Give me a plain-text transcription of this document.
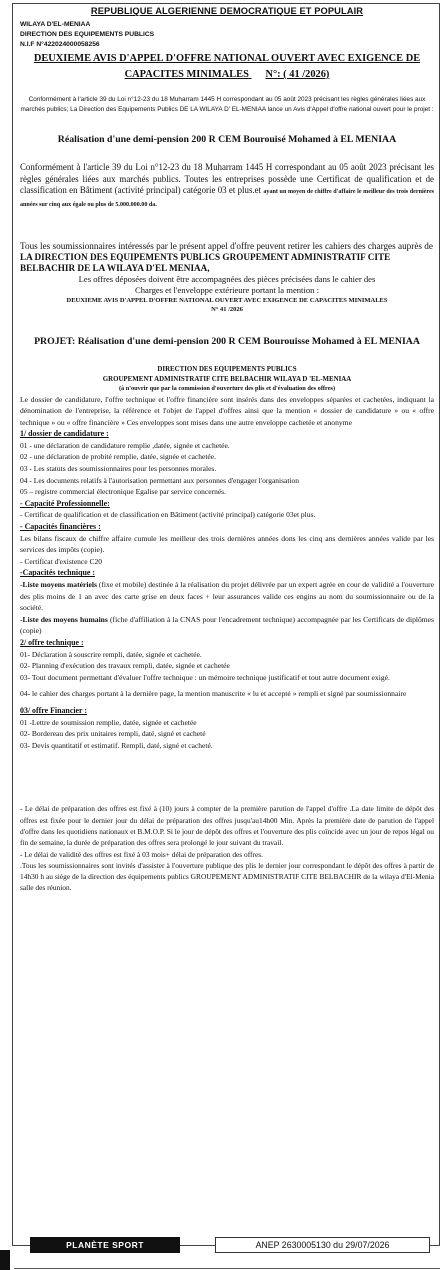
REPUBLIQUE ALGERIENNE DEMOCRATIQUE ET POPULAIR
WILAYA D'EL-MENIAA
DIRECTION DES EQUIPEMENTS PUBLICS
N.I.F N°422024000058256
DEUXIEME AVIS D'APPEL D'OFFRE NATIONAL OUVERT AVEC EXIGENCE DE
CAPACITES MINIMALES N°: ( 41 /2026)
Conformément à l'article 39 du Loi n°12-23 du 18 Muharram 1445 H correspondant au 05 août 2023 précisant les règles générales liées aux marchés publics; La Direction des Equipements Publics DE LA WILAYA D' EL-MENIAA lance un Avis d'Appel d'offre national ouvert pour le projet :
Réalisation d'une demi-pension 200 R CEM Bourouisé Mohamed à EL MENIAA
Conformément à l'article 39 du Loi n°12-23 du 18 Muharram 1445 H correspondant au 05 août 2023 précisant les règles générales liées aux marchés publics. Toutes les entreprises possède une Certificat de qualification et de classification en Bâtiment (activité principal) catégorie 03 et plus.et ayant un moyen de chiffre d'affaire le meilleur des trois dernières années sur cinq aux égale ou plus de 5.000.000.00 da.
Tous les soumissionnaires intéressés par le présent appel d'offre peuvent retirer les cahiers des charges auprès de LA DIRECTION DES EQUIPEMENTS PUBLICS GROUPEMENT ADMINISTRATIF CITE BELBACHIR DE LA WILAYA D'EL MENIAA,
Les offres déposées doivent être accompagnées des pièces précisées dans le cahier des
Charges et l'enveloppe extérieure portant la mention :
DEUXIEME AVIS D'APPEL D'OFFRE NATIONAL OUVERT AVEC EXIGENCE DE CAPACITES MINIMALES
N° 41 /2026
PROJET: Réalisation d'une demi-pension 200 R CEM Bourouisse Mohamed à EL MENIAA
DIRECTION DES EQUIPEMENTS PUBLICS
GROUPEMENT ADMINISTRATIF CITE BELBACHIR WILAYA D 'EL-MENIAA
(à n'ouvrir que par la commission d'ouverture des plis et d'évaluation des offres)
Le dossier de candidature, l'offre technique et l'offre financière sont insérés dans des enveloppes séparées et cachetées, indiquant la dénomination de l'entreprise, la référence et l'objet de l'appel d'offres ainsi que la mention « dossier de candidature » ou « offre technique » ou « offre financière » Ces enveloppes sont mises dans une autre enveloppe cachetée et anonyme
1/ dossier de candidature :
01 - une déclaration de candidature remplie ,datée, signée et cachetée.
02 - une déclaration de probité remplie, datée, signée et cachetée.
03 - Les statuts des soumissionnaires pour les personnes morales.
04 - Les documents relatifs à l'autorisation permettant aux personnes d'engager l'organisation
05 – registre commercial électronique Egalise par service concernés.
- Capacité Professionnelle:
- Certificat de qualification et de classification en Bâtiment (activité principal) catégorie 03et plus.
- Capacités financières :
Les bilans fiscaux de chiffre affaire cumule les meilleur des trois dernières années dons les cinq ans dernières années valide par les services des impôts (copie).
- Certificat d'existence C20
-Capacités technique :
-Liste moyens matériels (fixe et mobile) destinée à la réalisation du projet délivrée par un expert agrée en cour de validité a l'ouverture des plis moins de 1 an avec des carte grise en deux faces + leur assurances valide ces engins au nom du soumissionnaire ou de la société.
-Liste des moyens humains (fiche d'affiliation à la CNAS pour l'encadrement technique) accompagnée par les Certificats de diplômes (copie)
2/ offre technique :
01- Déclaration à souscrire rempli, datée, signée et cachetée.
02- Planning d'exécution des travaux rempli, datée, signée et cachetée
03- Tout document permettant d'évaluer l'offre technique : un mémoire technique justificatif et tout autre document exigé.
04- le cahier des charges portant à la dernière page, la mention manuscrite « lu et accepté » rempli et signé par soumissionnaire
03/ offre Financier :
01 -Lettre de soumission remplie, datée, signée et cachetée
02- Bordereau des prix unitaires rempli, daté, signé et cacheté
03- Devis quantitatif et estimatif. Rempli, daté, signé et cacheté.
- Le délai de préparation des offres est fixé à (10) jours à compter de la première parution de l'appel d'offre .La date limite de dépôt des offres est fixée pour le dernier jour du délai de préparation des offres jusqu'au14h00 Min. Après la première date de parution de l'appel d'offre dans les quotidiens nationaux et B.M.O.P. Si le jour de dépôt des offres et l'ouverture des plis coïncide avec un jour de repos légal ou fin de semaine, la durée de préparation des offres sera prolongé le jour suivant du travail.
- Le délai de validité des offres est fixé à 03 mois+ délai de préparation des offres.
.Tous les soumissionnaires sont invités d'assister à l'ouverture publique des plis le dernier jour correspondant le dépôt des offres à partir de 14h30 h au siège de la direction des équipements publics GROUPEMENT ADMINISTRATIF CITE BELBACHIR de la wilaya d'El-Menia salle des réunion.
PLANÈTE SPORT	ANEP 2630005130 du 29/07/2026
